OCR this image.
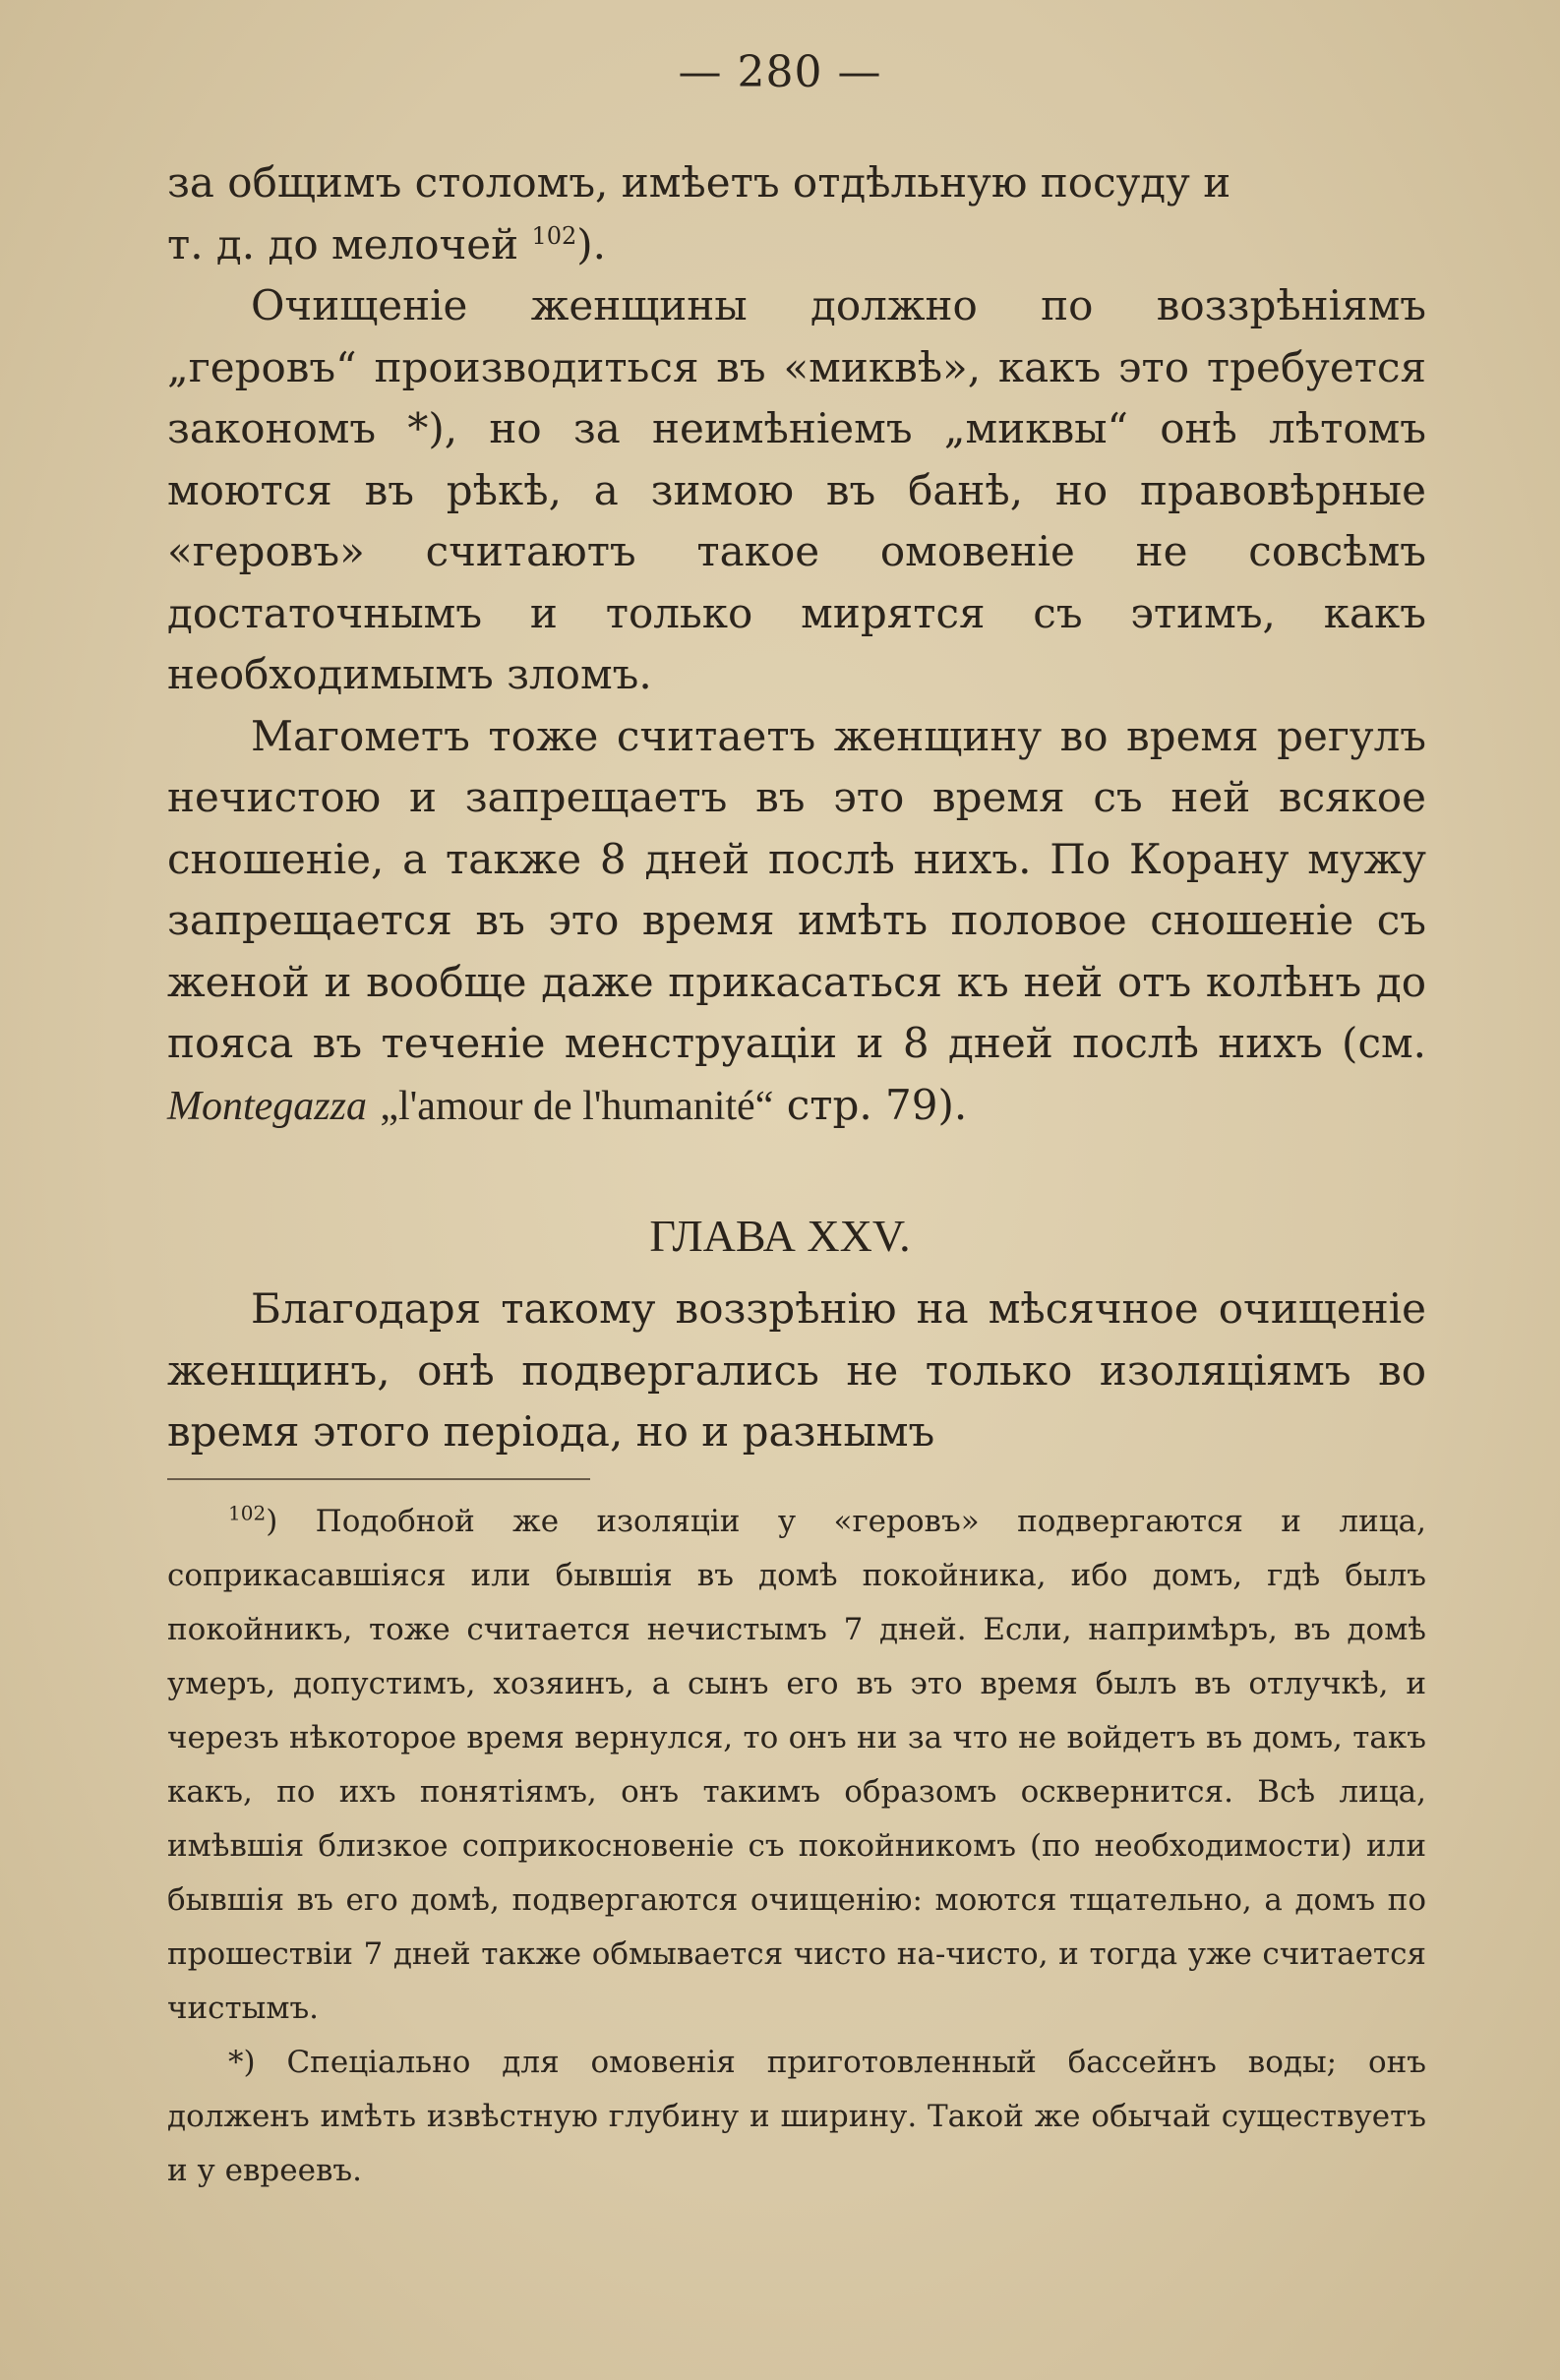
— 280 —

за общимъ столомъ, имѣетъ отдѣльную посуду и
т. д. до мелочей $^{102}$).

Очищеніе женщины должно по воззрѣніямъ „геровъ“ производиться въ «миквѣ», какъ это требуется закономъ *), но за неимѣніемъ „миквы“ онѣ лѣтомъ моются въ рѣкѣ, а зимою въ банѣ, но правовѣрные «геровъ» считаютъ такое омовеніе не совсѣмъ достаточнымъ и только мирятся съ этимъ, какъ необходимымъ зломъ.

Магометъ тоже считаетъ женщину во время регулъ нечистою и запрещаетъ въ это время съ ней всякое сношеніе, а также 8 дней послѣ нихъ. По Корану мужу запрещается въ это время имѣть половое сношеніе съ женой и вообще даже прикасаться къ ней отъ колѣнъ до пояса въ теченіе менструаціи и 8 дней послѣ нихъ (см. Montegazza „l'amour de l'humanité“ стр. 79).

ГЛАВА XXV.

Благодаря такому воззрѣнію на мѣсячное очищеніе женщинъ, онѣ подвергались не только изоляціямъ во время этого періода, но и разнымъ

$^{102}$) Подобной же изоляціи у «геровъ» подвергаются и лица, соприкасавшіяся или бывшія въ домѣ покойника, ибо домъ, гдѣ былъ покойникъ, тоже считается нечистымъ 7 дней. Если, напримѣръ, въ домѣ умеръ, допустимъ, хозяинъ, а сынъ его въ это время былъ въ отлучкѣ, и черезъ нѣкоторое время вернулся, то онъ ни за что не войдетъ въ домъ, такъ какъ, по ихъ понятіямъ, онъ такимъ образомъ осквернится. Всѣ лица, имѣвшія близкое соприкосновеніе съ покойникомъ (по необходимости) или бывшія въ его домѣ, подвергаются очищенію: моются тщательно, а домъ по прошествіи 7 дней также обмывается чисто на-чисто, и тогда уже считается чистымъ.

*) Спеціально для омовенія приготовленный бассейнъ воды; онъ долженъ имѣть извѣстную глубину и ширину. Такой же обычай существуетъ и у евреевъ.
